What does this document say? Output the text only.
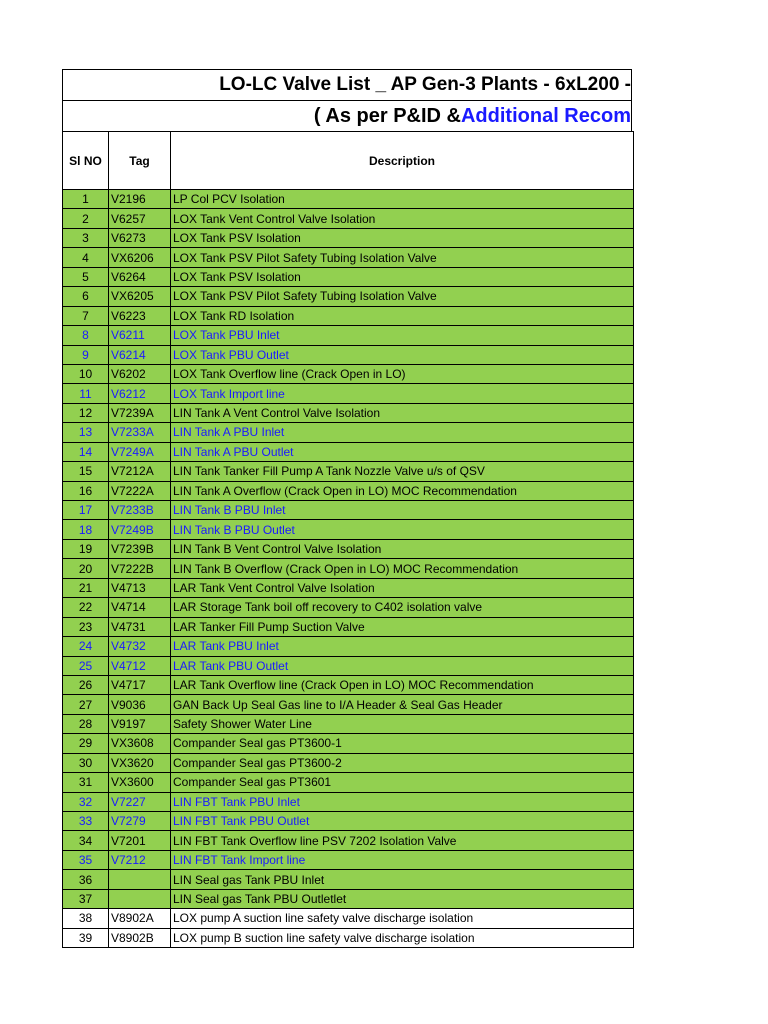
LO-LC Valve List _ AP Gen-3 Plants - 6xL200 -
( As per P&ID & Additional Recom
Sl NO	Tag	Description
1	V2196	LP Col PCV Isolation
2	V6257	LOX Tank Vent Control Valve Isolation
3	V6273	LOX Tank PSV Isolation
4	VX6206	LOX Tank PSV Pilot Safety Tubing Isolation Valve
5	V6264	LOX Tank PSV Isolation
6	VX6205	LOX Tank PSV Pilot Safety Tubing Isolation Valve
7	V6223	LOX Tank RD Isolation
8	V6211	LOX Tank PBU Inlet
9	V6214	LOX Tank PBU Outlet
10	V6202	LOX Tank Overflow line (Crack Open in LO)
11	V6212	LOX Tank Import line
12	V7239A	LIN Tank A Vent Control Valve Isolation
13	V7233A	LIN Tank A PBU Inlet
14	V7249A	LIN Tank A PBU Outlet
15	V7212A	LIN Tank Tanker Fill Pump A Tank Nozzle Valve u/s of QSV
16	V7222A	LIN Tank A Overflow (Crack Open in LO) MOC Recommendation
17	V7233B	LIN Tank B PBU Inlet
18	V7249B	LIN Tank B PBU Outlet
19	V7239B	LIN Tank B Vent Control Valve Isolation
20	V7222B	LIN Tank B Overflow (Crack Open in LO) MOC Recommendation
21	V4713	LAR Tank Vent Control Valve Isolation
22	V4714	LAR Storage Tank boil off recovery to C402 isolation valve
23	V4731	LAR Tanker Fill Pump Suction Valve
24	V4732	LAR Tank PBU Inlet
25	V4712	LAR Tank PBU Outlet
26	V4717	LAR Tank Overflow line (Crack Open in LO) MOC Recommendation
27	V9036	GAN Back Up Seal Gas line to I/A Header & Seal Gas Header
28	V9197	Safety Shower Water Line
29	VX3608	Compander Seal gas PT3600-1
30	VX3620	Compander Seal gas PT3600-2
31	VX3600	Compander Seal gas PT3601
32	V7227	LIN FBT Tank PBU Inlet
33	V7279	LIN FBT Tank PBU Outlet
34	V7201	LIN FBT Tank Overflow line PSV 7202 Isolation Valve
35	V7212	LIN FBT Tank Import line
36		LIN Seal gas Tank PBU Inlet
37		LIN Seal gas Tank PBU Outletlet
38	V8902A	LOX pump A suction line safety valve discharge isolation
39	V8902B	LOX pump B suction line safety valve discharge isolation
